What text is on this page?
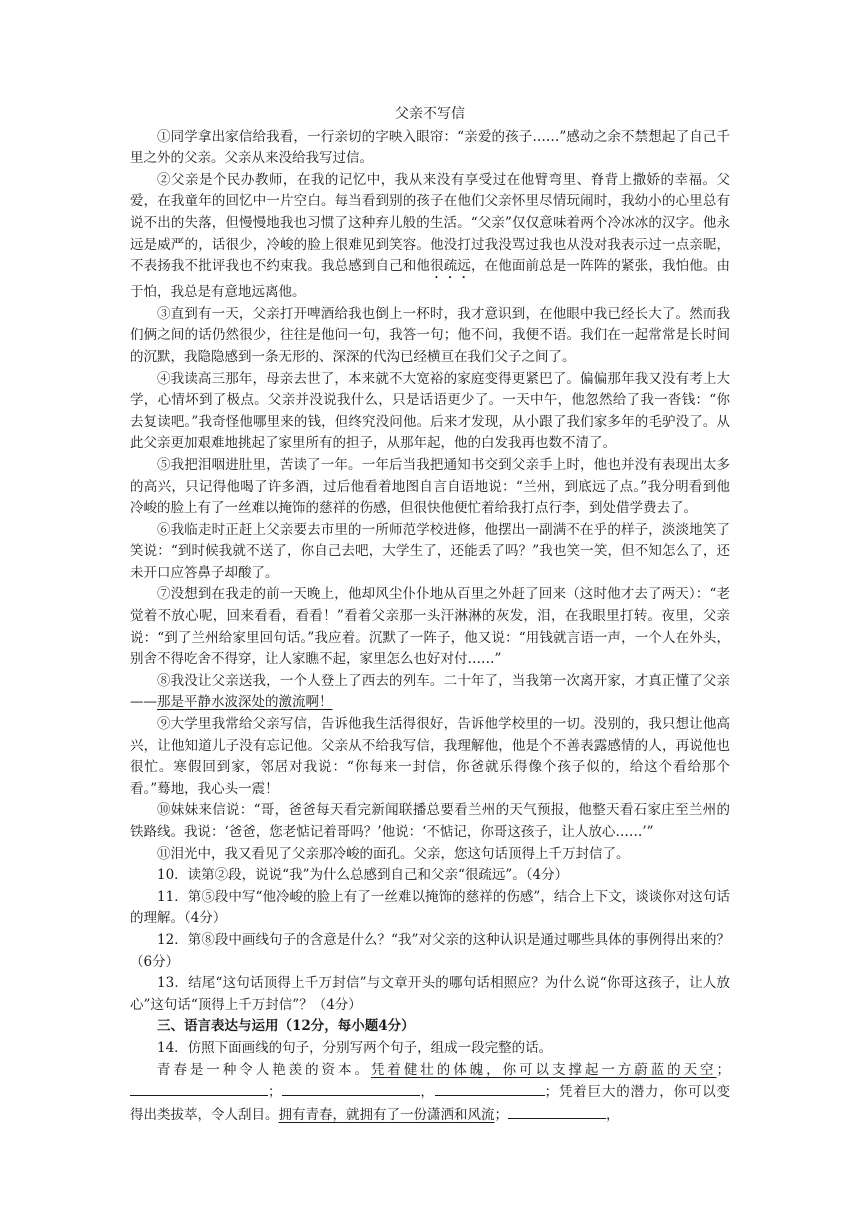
父亲不写信

①同学拿出家信给我看，一行亲切的字映入眼帘：“亲爱的孩子……”感动之余不禁想起了自己千里之外的父亲。父亲从来没给我写过信。

②父亲是个民办教师，在我的记忆中，我从来没有享受过在他臂弯里、脊背上撒娇的幸福。父爱，在我童年的回忆中一片空白。每当看到别的孩子在他们父亲怀里尽情玩闹时，我幼小的心里总有说不出的失落，但慢慢地我也习惯了这种弃儿般的生活。“父亲”仅仅意味着两个冷冰冰的汉字。他永远是威严的，话很少，冷峻的脸上很难见到笑容。他没打过我没骂过我也从没对我表示过一点亲昵，不表扬我不批评我也不约束我。我总感到自己和他很疏远，在他面前总是一阵阵的紧张，我怕他。由于怕，我总是有意地远离他。

③直到有一天，父亲打开啤酒给我也倒上一杯时，我才意识到，在他眼中我已经长大了。然而我们俩之间的话仍然很少，往往是他问一句，我答一句；他不问，我便不语。我们在一起常常是长时间的沉默，我隐隐感到一条无形的、深深的代沟已经横亘在我们父子之间了。

④我读高三那年，母亲去世了，本来就不大宽裕的家庭变得更紧巴了。偏偏那年我又没有考上大学，心情坏到了极点。父亲并没说我什么，只是话语更少了。一天中午，他忽然给了我一沓钱：“你去复读吧。”我奇怪他哪里来的钱，但终究没问他。后来才发现，从小跟了我们家多年的毛驴没了。从此父亲更加艰难地挑起了家里所有的担子，从那年起，他的白发我再也数不清了。

⑤我把泪咽进肚里，苦读了一年。一年后当我把通知书交到父亲手上时，他也并没有表现出太多的高兴，只记得他喝了许多酒，过后他看着地图自言自语地说：“兰州，到底远了点。”我分明看到他冷峻的脸上有了一丝难以掩饰的慈祥的伤感，但很快他便忙着给我打点行李，到处借学费去了。

⑥我临走时正赶上父亲要去市里的一所师范学校进修，他摆出一副满不在乎的样子，淡淡地笑了笑说：“到时候我就不送了，你自己去吧，大学生了，还能丢了吗？”我也笑一笑，但不知怎么了，还未开口应答鼻子却酸了。

⑦没想到在我走的前一天晚上，他却风尘仆仆地从百里之外赶了回来（这时他才去了两天）：“老觉着不放心呢，回来看看，看看！”看着父亲那一头汗淋淋的灰发，泪，在我眼里打转。夜里，父亲说：“到了兰州给家里回句话。”我应着。沉默了一阵子，他又说：“用钱就言语一声，一个人在外头，别舍不得吃舍不得穿，让人家瞧不起，家里怎么也好对付……”

⑧我没让父亲送我，一个人登上了西去的列车。二十年了，当我第一次离开家，才真正懂了父亲——那是平静水波深处的激流啊！

⑨大学里我常给父亲写信，告诉他我生活得很好，告诉他学校里的一切。没别的，我只想让他高兴，让他知道儿子没有忘记他。父亲从不给我写信，我理解他，他是个不善表露感情的人，再说他也很忙。寒假回到家，邻居对我说：“你每来一封信，你爸就乐得像个孩子似的，给这个看给那个看。”蓦地，我心头一震！

⑩妹妹来信说：“哥，爸爸每天看完新闻联播总要看兰州的天气预报，他整天看石家庄至兰州的铁路线。我说：‘爸爸，您老惦记着哥吗？’他说：‘不惦记，你哥这孩子，让人放心……’”

⑪泪光中，我又看见了父亲那冷峻的面孔。父亲，您这句话顶得上千万封信了。

10．读第②段，说说“我”为什么总感到自己和父亲“很疏远”。（4分）

11．第⑤段中写“他冷峻的脸上有了一丝难以掩饰的慈祥的伤感”，结合上下文，谈谈你对这句话的理解。（4分）

12．第⑧段中画线句子的含意是什么？“我”对父亲的这种认识是通过哪些具体的事例得出来的？（6分）

13．结尾“这句话顶得上千万封信”与文章开头的哪句话相照应？为什么说“你哥这孩子，让人放心”这句话“顶得上千万封信”？（4分）

三、语言表达与运用（12分，每小题4分）

14．仿照下面画线的句子，分别写两个句子，组成一段完整的话。

青春是一种令人艳羡的资本。凭着健壮的体魄，你可以支撑起一方蔚蓝的天空；；	，	；凭着巨大的潜力，你可以变得出类拔萃，令人刮目。拥有青春，就拥有了一份潇洒和风流；	，
